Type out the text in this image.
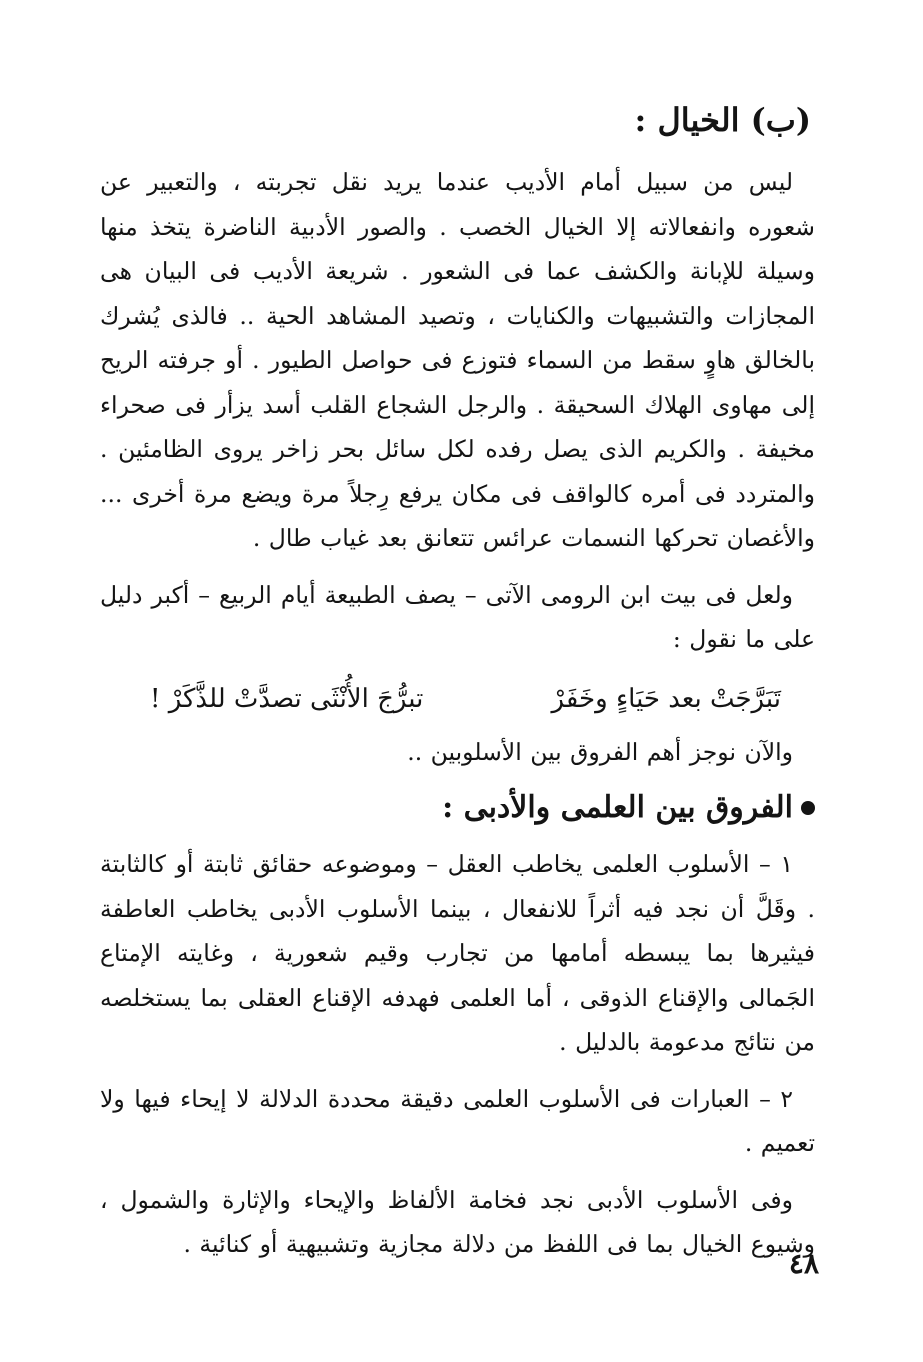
(ب) الخيال :

ليس من سبيل أمام الأديب عندما يريد نقل تجربته ، والتعبير عن شعوره وانفعالاته إلا الخيال الخصب . والصور الأدبية الناضرة يتخذ منها وسيلة للإبانة والكشف عما فى الشعور . شريعة الأديب فى البيان هى المجازات والتشبيهات والكنايات ، وتصيد المشاهد الحية .. فالذى يُشرك بالخالق هاوٍ سقط من السماء فتوزع فى حواصل الطيور . أو جرفته الريح إلى مهاوى الهلاك السحيقة . والرجل الشجاع القلب أسد يزأر فى صحراء مخيفة . والكريم الذى يصل رفده لكل سائل بحر زاخر يروى الظامئين . والمتردد فى أمره كالواقف فى مكان يرفع رِجلاً مرة ويضع مرة أخرى ... والأغصان تحركها النسمات عرائس تتعانق بعد غياب طال .

ولعل فى بيت ابن الرومى الآتى – يصف الطبيعة أيام الربيع – أكبر دليل على ما نقول :

تَبَرَّجَتْ بعد حَيَاءٍ وخَفَرْ
تبرُّجَ الأُنْثَى تصدَّتْ للذَّكَرْ !

والآن نوجز أهم الفروق بين الأسلوبين ..

الفروق بين العلمى والأدبى :

١ – الأسلوب العلمى يخاطب العقل – وموضوعه حقائق ثابتة أو كالثابتة . وقَلَّ أن نجد فيه أثراً للانفعال ، بينما الأسلوب الأدبى يخاطب العاطفة فيثيرها بما يبسطه أمامها من تجارب وقيم شعورية ، وغايته الإمتاع الجَمالى والإقناع الذوقى ، أما العلمى فهدفه الإقناع العقلى بما يستخلصه من نتائج مدعومة بالدليل .

٢ – العبارات فى الأسلوب العلمى دقيقة محددة الدلالة لا إيحاء فيها ولا تعميم .

وفى الأسلوب الأدبى نجد فخامة الألفاظ والإيحاء والإثارة والشمول ، وشيوع الخيال بما فى اللفظ من دلالة مجازية وتشبيهية أو كنائية .

٤٨
